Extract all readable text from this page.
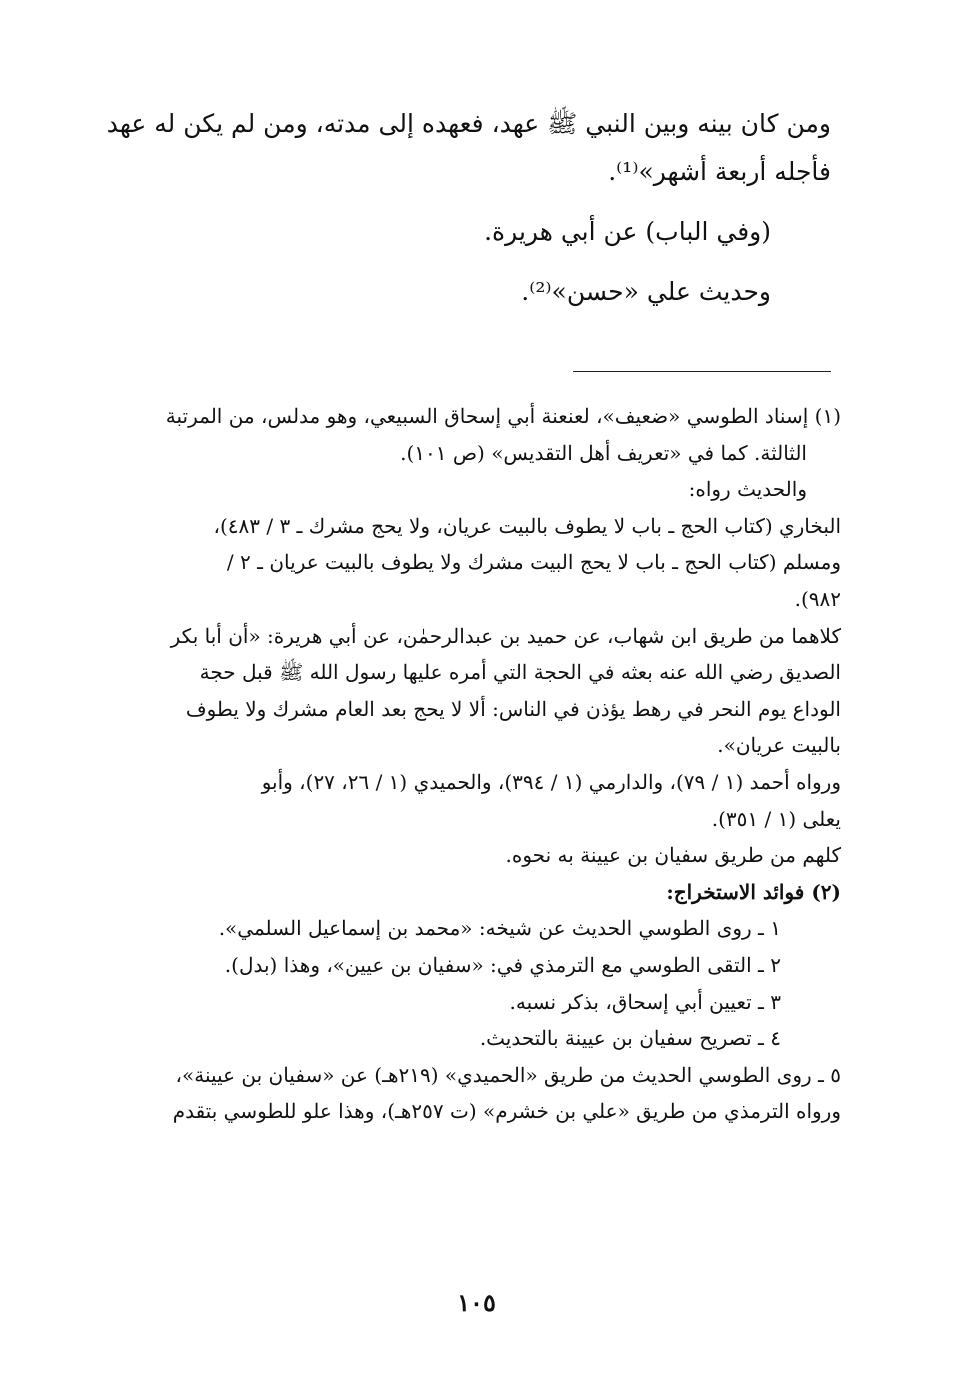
ومن كان بينه وبين النبي ﷺ عهد، فعهده إلى مدته، ومن لم يكن له عهد

فأجله أربعة أشهر»⁽¹⁾.

(وفي الباب) عن أبي هريرة.

وحديث علي «حسن»⁽²⁾.

(١) إسناد الطوسي «ضعيف»، لعنعنة أبي إسحاق السبيعي، وهو مدلس، من المرتبة

الثالثة. كما في «تعريف أهل التقديس» (ص ١٠١).

والحديث رواه:

البخاري (كتاب الحج ـ باب لا يطوف بالبيت عريان، ولا يحج مشرك ـ ٣ / ٤٨٣)،

ومسلم (كتاب الحج ـ باب لا يحج البيت مشرك ولا يطوف بالبيت عريان ـ ٢ /

٩٨٢).

كلاهما من طريق ابن شهاب، عن حميد بن عبدالرحمٰن، عن أبي هريرة: «أن أبا بكر

الصديق رضي الله عنه بعثه في الحجة التي أمره عليها رسول الله ﷺ قبل حجة

الوداع يوم النحر في رهط يؤذن في الناس: ألا لا يحج بعد العام مشرك ولا يطوف

بالبيت عريان».

ورواه أحمد (١ / ٧٩)، والدارمي (١ / ٣٩٤)، والحميدي (١ / ٢٦، ٢٧)، وأبو

يعلى (١ / ٣٥١).

كلهم من طريق سفيان بن عيينة به نحوه.

(٢) فوائد الاستخراج:

١ ـ روى الطوسي الحديث عن شيخه: «محمد بن إسماعيل السلمي».

٢ ـ التقى الطوسي مع الترمذي في: «سفيان بن عيين»، وهذا (بدل).

٣ ـ تعيين أبي إسحاق، بذكر نسبه.

٤ ـ تصريح سفيان بن عيينة بالتحديث.

٥ ـ روى الطوسي الحديث من طريق «الحميدي» (٢١٩هـ) عن «سفيان بن عيينة»،

ورواه الترمذي من طريق «علي بن خشرم» (ت ٢٥٧هـ)، وهذا علو للطوسي بتقدم

١٠٥
